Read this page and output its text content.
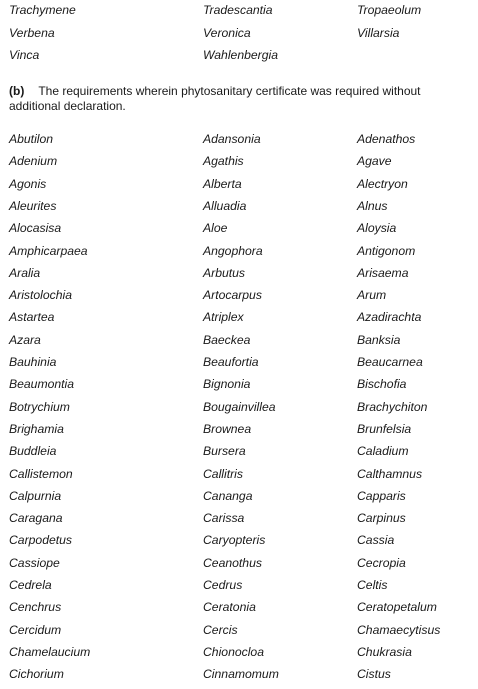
Trachymene	Tradescantia	Tropaeolum
Verbena	Veronica	Villarsia
Vinca	Wahlenbergia
(b) The requirements wherein phytosanitary certificate was required without additional declaration.
Abutilon	Adansonia	Adenathos
Adenium	Agathis	Agave
Agonis	Alberta	Alectryon
Aleurites	Alluadia	Alnus
Alocasisa	Aloe	Aloysia
Amphicarpaea	Angophora	Antigonom
Aralia	Arbutus	Arisaema
Aristolochia	Artocarpus	Arum
Astartea	Atriplex	Azadirachta
Azara	Baeckea	Banksia
Bauhinia	Beaufortia	Beaucarnea
Beaumontia	Bignonia	Bischofia
Botrychium	Bougainvillea	Brachychiton
Brighamia	Brownea	Brunfelsia
Buddleia	Bursera	Caladium
Callistemon	Callitris	Calthamnus
Calpurnia	Cananga	Capparis
Caragana	Carissa	Carpinus
Carpodetus	Caryopteris	Cassia
Cassiope	Ceanothus	Cecropia
Cedrela	Cedrus	Celtis
Cenchrus	Ceratonia	Ceratopetalum
Cercidum	Cercis	Chamaecytisus
Chamelaucium	Chionocloa	Chukrasia
Cichorium	Cinnamomum	Cistus
